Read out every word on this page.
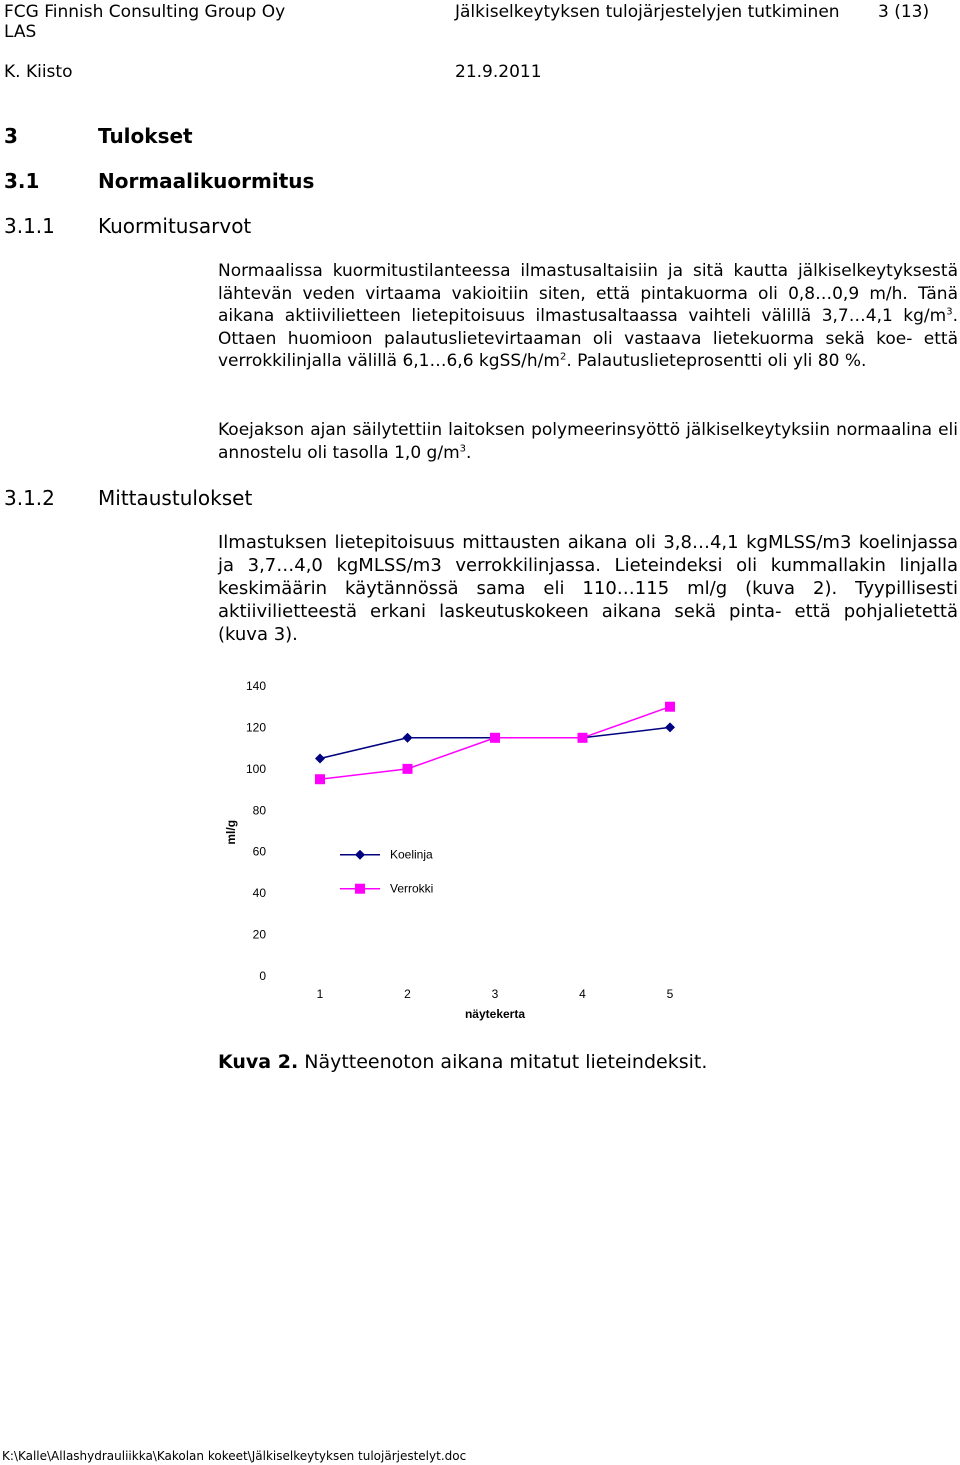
FCG Finnish Consulting Group Oy
LAS
K. Kiisto
Jälkiselkeytyksen tulojärjestelyjen tutkiminen 3 (13)
21.9.2011
3	Tulokset
3.1	Normaalikuormitus
3.1.1 Kuormitusarvot
3.1.2 Mittaustulokset

Normaalissa kuormitustilanteessa ilmastusaltaisiin ja sitä kautta jälkiselkeytyksestä lähtevän veden virtaama vakioitiin siten, että pintakuorma oli 0,8…0,9 m/h. Tänä aikana aktiivilietteen lietepitoisuus ilmastusaltaassa vaihteli välillä 3,7…4,1 $kg/m^3$. Ottaen huomioon palautuslietevirtaaman oli vastaava lietekuorma sekä koe- että verrokkilinjalla välillä 6,1…6,6 kgSS/$h/m^2$. Palautuslieteprosentti oli yli 80 %.

Koejakson ajan säilytettiin laitoksen polymeerinsyöttö jälkiselkeytyksiin normaalina eli annostelu oli tasolla 1,0 $g/m^3$.

Ilmastuksen lietepitoisuus mittausten aikana oli 3,8…4,1 kgMLSS/m3 koelinjassa ja 3,7…4,0 kgMLSS/m3 verrokkilinjassa. Lieteindeksi oli kummallakin linjalla keskimäärin käytännössä sama eli 110…115 ml/g (kuva 2). Tyypillisesti aktiivilietteestä erkani laskeutuskokeen aikana sekä pinta- että pohjalietettä (kuva 3).

0
20
40
60
80
100
120
140
1	2	3	4	5
Koelinja
Verrokki
ml/g
näytekerta
Kuva 2. Näytteenoton aikana mitatut lieteindeksit.
K:\Kalle\Allashydrauliikka\Kakolan kokeet\Jälkiselkeytyksen tulojärjestelyt.doc
